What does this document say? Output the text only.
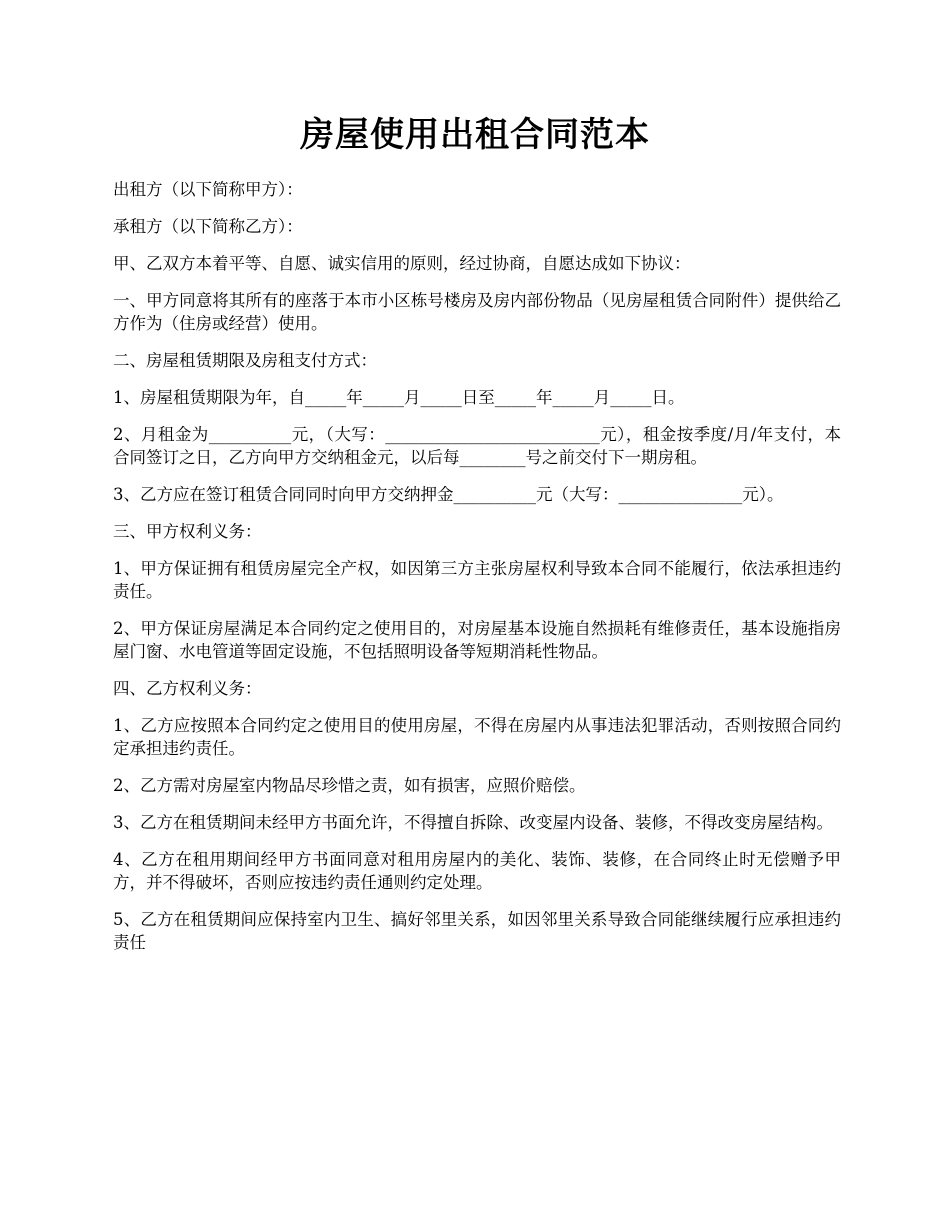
房屋使用出租合同范本

出租方（以下简称甲方）：

承租方（以下简称乙方）：

甲、乙双方本着平等、自愿、诚实信用的原则，经过协商，自愿达成如下协议：

一、甲方同意将其所有的座落于本市小区栋号楼房及房内部份物品（见房屋租赁合同附件）提供给乙方作为（住房或经营）使用。

二、房屋租赁期限及房租支付方式：

1、房屋租赁期限为年，自_____年_____月_____日至_____年_____月_____日。

2、月租金为__________元，（大写：__________________________元），租金按季度/月/年支付，本合同签订之日，乙方向甲方交纳租金元，以后每________号之前交付下一期房租。

3、乙方应在签订租赁合同同时向甲方交纳押金__________元（大写：_______________元）。

三、甲方权利义务：

1、甲方保证拥有租赁房屋完全产权，如因第三方主张房屋权利导致本合同不能履行，依法承担违约责任。

2、甲方保证房屋满足本合同约定之使用目的，对房屋基本设施自然损耗有维修责任，基本设施指房屋门窗、水电管道等固定设施，不包括照明设备等短期消耗性物品。

四、乙方权利义务：

1、乙方应按照本合同约定之使用目的使用房屋，不得在房屋内从事违法犯罪活动，否则按照合同约定承担违约责任。

2、乙方需对房屋室内物品尽珍惜之责，如有损害，应照价赔偿。

3、乙方在租赁期间未经甲方书面允许，不得擅自拆除、改变屋内设备、装修，不得改变房屋结构。

4、乙方在租用期间经甲方书面同意对租用房屋内的美化、装饰、装修，在合同终止时无偿赠予甲方，并不得破坏，否则应按违约责任通则约定处理。

5、乙方在租赁期间应保持室内卫生、搞好邻里关系，如因邻里关系导致合同能继续履行应承担违约责任
